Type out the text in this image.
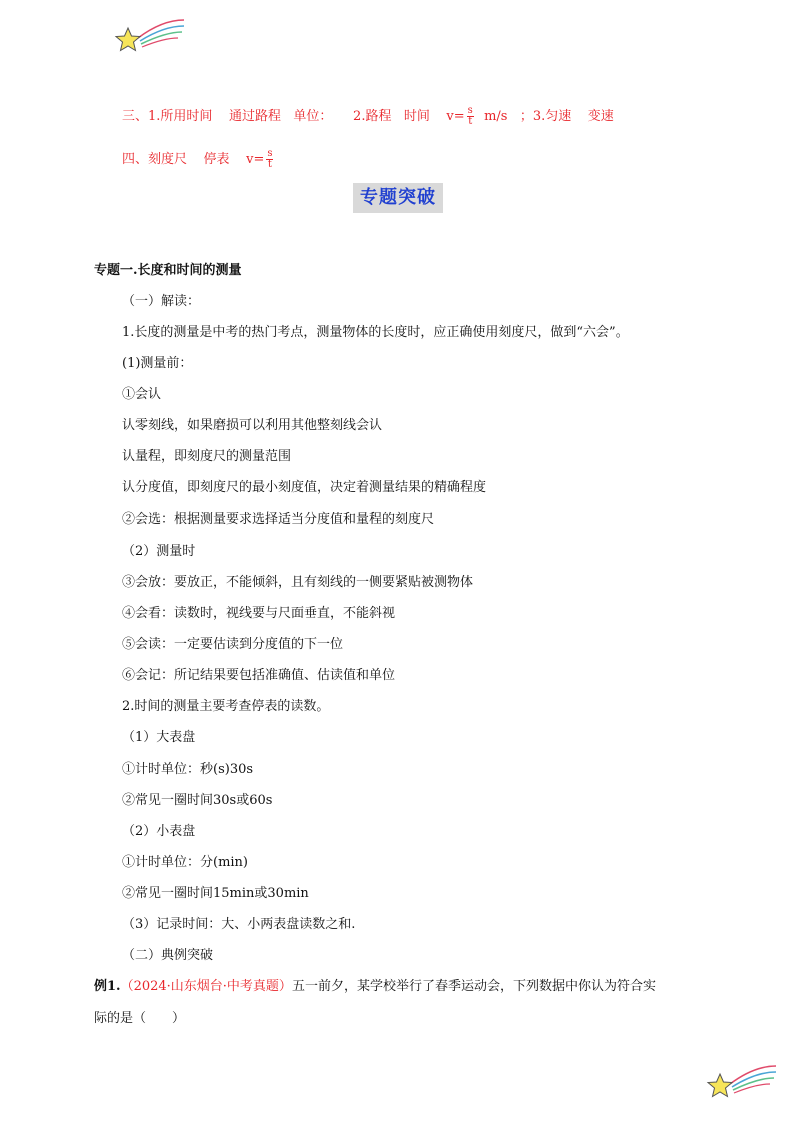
三、1.所用时间 通过路程 单位： 2.路程 时间 $v= \frac{s}{t} m/s$ ；3.匀速 变速
四、刻度尺 停表 $v= \frac{s}{t}$
专题突破
专题一.长度和时间的测量
（一）解读：
1.长度的测量是中考的热门考点，测量物体的长度时，应正确使用刻度尺，做到“六会”。
(1)测量前：
①会认
认零刻线，如果磨损可以利用其他整刻线会认
认量程，即刻度尺的测量范围
认分度值，即刻度尺的最小刻度值，决定着测量结果的精确程度
②会选：根据测量要求选择适当分度值和量程的刻度尺
（2）测量时
③会放：要放正，不能倾斜，且有刻线的一侧要紧贴被测物体
④会看：读数时，视线要与尺面垂直，不能斜视
⑤会读：一定要估读到分度值的下一位
⑥会记：所记结果要包括准确值、估读值和单位
2.时间的测量主要考查停表的读数。
（1）大表盘
①计时单位：秒(s)30s
②常见一圈时间30s或60s
（2）小表盘
①计时单位：分(min)
②常见一圈时间15min或30min
（3）记录时间：大、小两表盘读数之和.
（二）典例突破
例1.（2024·山东烟台·中考真题）五一前夕，某学校举行了春季运动会，下列数据中你认为符合实
际的是（　　）
